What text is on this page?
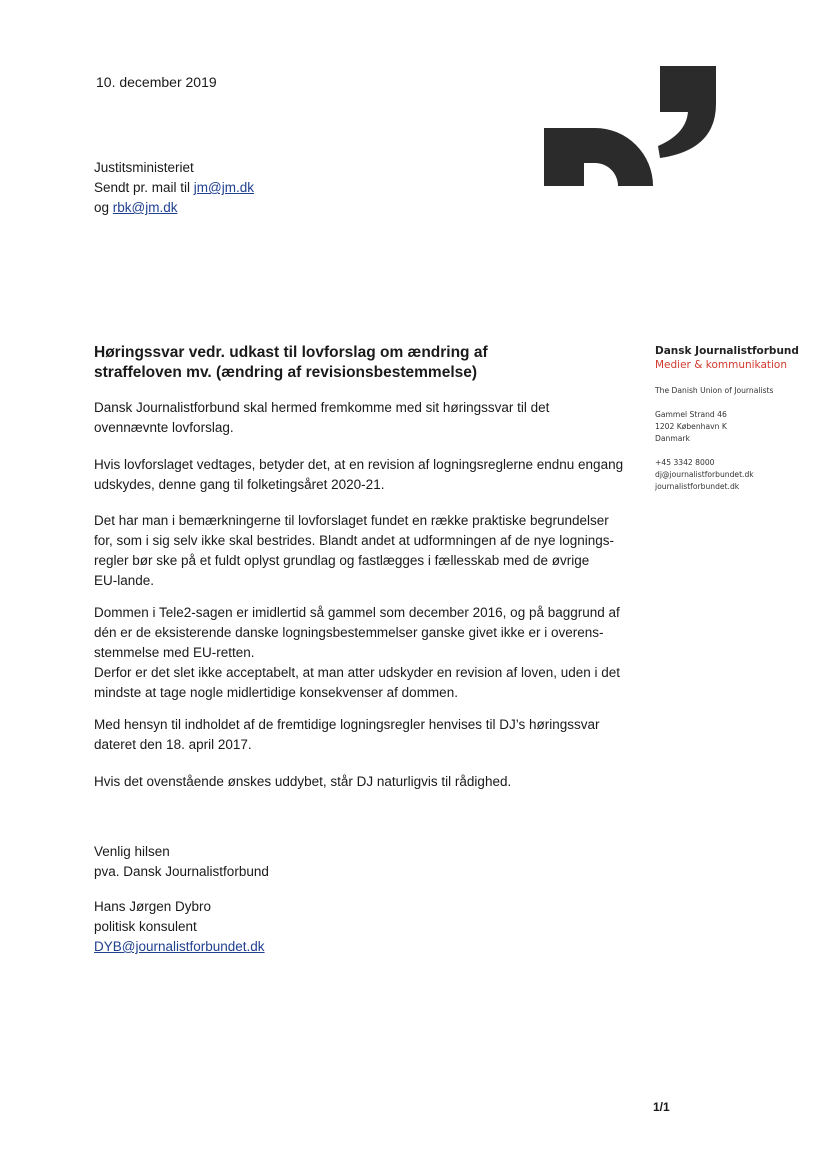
10. december 2019
Justitsministeriet
Sendt pr. mail til jm@jm.dk
og rbk@jm.dk
Dansk Journalistforbund
Medier & kommunikation
The Danish Union of Journalists
Gammel Strand 46
1202 København K
Danmark
+45 3342 8000
dj@journalistforbundet.dk
journalistforbundet.dk
Høringssvar vedr. udkast til lovforslag om ændring af
straffeloven mv. (ændring af revisionsbestemmelse)
Dansk Journalistforbund skal hermed fremkomme med sit høringssvar til det
ovennævnte lovforslag.
Hvis lovforslaget vedtages, betyder det, at en revision af logningsreglerne endnu engang
udskydes, denne gang til folketingsåret 2020-21.
Det har man i bemærkningerne til lovforslaget fundet en række praktiske begrundelser
for, som i sig selv ikke skal bestrides. Blandt andet at udformningen af de nye lognings-
regler bør ske på et fuldt oplyst grundlag og fastlægges i fællesskab med de øvrige
EU-lande.
Dommen i Tele2-sagen er imidlertid så gammel som december 2016, og på baggrund af
dén er de eksisterende danske logningsbestemmelser ganske givet ikke er i overens-
stemmelse med EU-retten.
Derfor er det slet ikke acceptabelt, at man atter udskyder en revision af loven, uden i det
mindste at tage nogle midlertidige konsekvenser af dommen.
Med hensyn til indholdet af de fremtidige logningsregler henvises til DJ’s høringssvar
dateret den 18. april 2017.
Hvis det ovenstående ønskes uddybet, står DJ naturligvis til rådighed.
Venlig hilsen
pva. Dansk Journalistforbund
Hans Jørgen Dybro
politisk konsulent
DYB@journalistforbundet.dk
1/1
